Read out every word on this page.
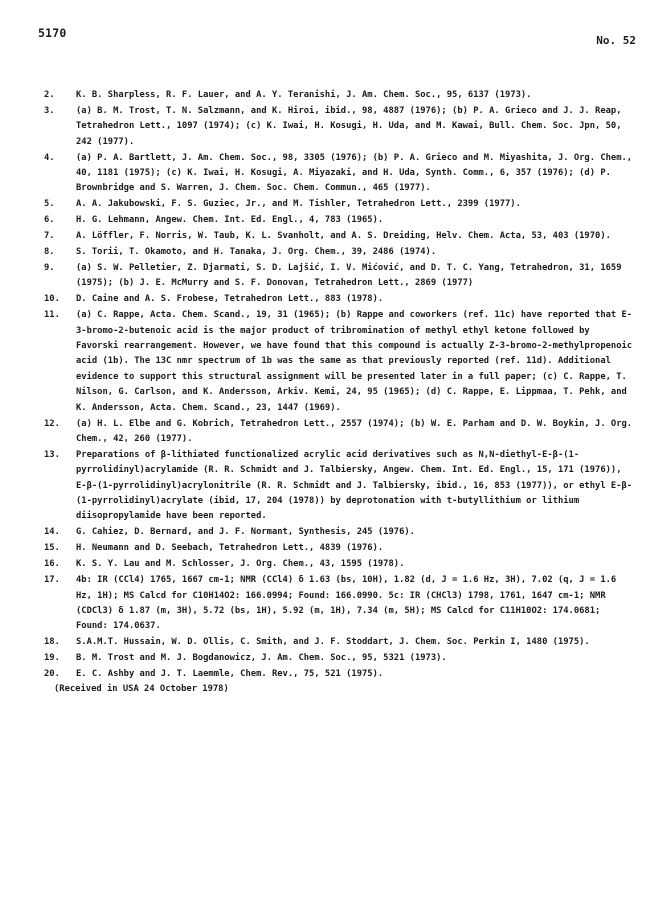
5170
No. 52
2. K. B. Sharpless, R. F. Lauer, and A. Y. Teranishi, J. Am. Chem. Soc., 95, 6137 (1973).
3. (a) B. M. Trost, T. N. Salzmann, and K. Hiroi, ibid., 98, 4887 (1976); (b) P. A. Grieco and J. J. Reap, Tetrahedron Lett., 1097 (1974); (c) K. Iwai, H. Kosugi, H. Uda, and M. Kawai, Bull. Chem. Soc. Jpn, 50, 242 (1977).
4. (a) P. A. Bartlett, J. Am. Chem. Soc., 98, 3305 (1976); (b) P. A. Grieco and M. Miyashita, J. Org. Chem., 40, 1181 (1975); (c) K. Iwai, H. Kosugi, A. Miyazaki, and H. Uda, Synth. Comm., 6, 357 (1976); (d) P. Brownbridge and S. Warren, J. Chem. Soc. Chem. Commun., 465 (1977).
5. A. A. Jakubowski, F. S. Guziec, Jr., and M. Tishler, Tetrahedron Lett., 2399 (1977).
6. H. G. Lehmann, Angew. Chem. Int. Ed. Engl., 4, 783 (1965).
7. A. Löffler, F. Norris, W. Taub, K. L. Svanholt, and A. S. Dreiding, Helv. Chem. Acta, 53, 403 (1970).
8. S. Torii, T. Okamoto, and H. Tanaka, J. Org. Chem., 39, 2486 (1974).
9. (a) S. W. Pelletier, Z. Djarmati, S. D. Lajšić, I. V. Mićović, and D. T. C. Yang, Tetrahedron, 31, 1659 (1975); (b) J. E. McMurry and S. F. Donovan, Tetrahedron Lett., 2869 (1977)
10. D. Caine and A. S. Frobese, Tetrahedron Lett., 883 (1978).
11. (a) C. Rappe, Acta. Chem. Scand., 19, 31 (1965); (b) Rappe and coworkers (ref. 11c) have reported that E-3-bromo-2-butenoic acid is the major product of tribromination of methyl ethyl ketone followed by Favorski rearrangement. However, we have found that this compound is actually Z-3-bromo-2-methylpropenoic acid (1b). The 13C nmr spectrum of 1b was the same as that previously reported (ref. 11d). Additional evidence to support this structural assignment will be presented later in a full paper; (c) C. Rappe, T. Nilson, G. Carlson, and K. Andersson, Arkiv. Kemi, 24, 95 (1965); (d) C. Rappe, E. Lippmaa, T. Pehk, and K. Andersson, Acta. Chem. Scand., 23, 1447 (1969).
12. (a) H. L. Elbe and G. Kobrich, Tetrahedron Lett., 2557 (1974); (b) W. E. Parham and D. W. Boykin, J. Org. Chem., 42, 260 (1977).
13. Preparations of β-lithiated functionalized acrylic acid derivatives such as N,N-diethyl-E-β-(1-pyrrolidinyl)acrylamide (R. R. Schmidt and J. Talbiersky, Angew. Chem. Int. Ed. Engl., 15, 171 (1976)), E-β-(1-pyrrolidinyl)acrylonitrile (R. R. Schmidt and J. Talbiersky, ibid., 16, 853 (1977)), or ethyl E-β-(1-pyrrolidinyl)acrylate (ibid, 17, 204 (1978)) by deprotonation with t-butyllithium or lithium diisopropylamide have been reported.
14. G. Cahiez, D. Bernard, and J. F. Normant, Synthesis, 245 (1976).
15. H. Neumann and D. Seebach, Tetrahedron Lett., 4839 (1976).
16. K. S. Y. Lau and M. Schlosser, J. Org. Chem., 43, 1595 (1978).
17. 4b: IR (CCl4) 1765, 1667 cm-1; NMR (CCl4) δ 1.63 (bs, 10H), 1.82 (d, J = 1.6 Hz, 3H), 7.02 (q, J = 1.6 Hz, 1H); MS Calcd for C10H14O2: 166.0994; Found: 166.0990. 5c: IR (CHCl3) 1798, 1761, 1647 cm-1; NMR (CDCl3) δ 1.87 (m, 3H), 5.72 (bs, 1H), 5.92 (m, 1H), 7.34 (m, 5H); MS Calcd for C11H10O2: 174.0681; Found: 174.0637.
18. S.A.M.T. Hussain, W. D. Ollis, C. Smith, and J. F. Stoddart, J. Chem. Soc. Perkin I, 1480 (1975).
19. B. M. Trost and M. J. Bogdanowicz, J. Am. Chem. Soc., 95, 5321 (1973).
20. E. C. Ashby and J. T. Laemmle, Chem. Rev., 75, 521 (1975).
(Received in USA 24 October 1978)
